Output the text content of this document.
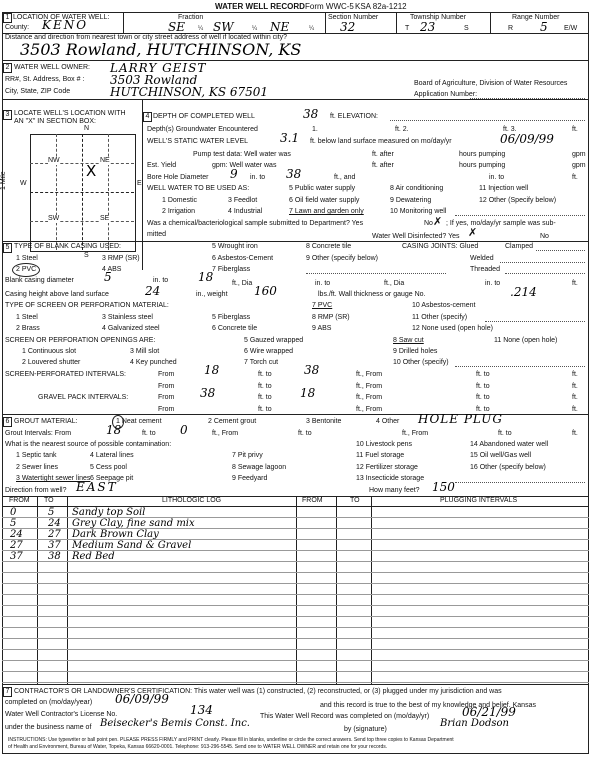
WATER WELL RECORD Form WWC-5 KSA 82a-1212
1 LOCATION OF WATER WELL:
County: KENO
Fraction
SE ¼ SW	¼ NE	¼
Section Number
32
Township Number
T 23	S
Range Number
R 5 E/W
Distance and direction from nearest town or city street address of well if located within city?
3503 Rowland, HUTCHINSON, KS
2 WATER WELL OWNER: LARRY GEIST
RR#, St. Address, Box # : 3503 Rowland
City, State, ZIP Code	HUTCHINSON, KS 67501
Board of Agriculture, Division of Water Resources
Application Number:
3 LOCATE WELL'S LOCATION WITH
AN "X" IN SECTION BOX:
N
S
W	E
1 Mile
NW	NE
SW	SE
X
4 DEPTH OF COMPLETED WELL	38 ft. ELEVATION:
Depth(s) Groundwater Encountered	1.	ft. 2.	ft. 3.	ft.
WELL'S STATIC WATER LEVEL	3.1 ft. below land surface measured on mo/day/yr	06/09/99
Pump test data: Well water was	ft. after	hours pumping	gpm
Est. Yield	gpm: Well water was	ft. after	hours pumping	gpm
Bore Hole Diameter 9 in. to 38	ft., and	in. to	ft.
WELL WATER TO BE USED AS:	5 Public water supply	8 Air conditioning	11 Injection well
1 Domestic	3 Feedlot	6 Oil field water supply	9 Dewatering	12 Other (Specify below)
2 Irrigation	4 Industrial	7 Lawn and garden only	10 Monitoring well
Was a chemical/bacteriological sample submitted to Department? Yes	No ✗ ; If yes, mo/day/yr sample was sub-
mitted	Water Well Disinfected? Yes ✗	No
5 TYPE OF BLANK CASING USED:	5 Wrought iron	8 Concrete tile	CASING JOINTS: Glued	Clamped
1 Steel	3 RMP (SR)	6 Asbestos-Cement	9 Other (specify below)	Welded
2 PVC	4 ABS	7 Fiberglass	Threaded
Blank casing diameter	5	in. to 18	ft., Dia	in. to	ft., Dia	in. to	ft.
Casing height above land surface	24	in., weight 160	lbs./ft. Wall thickness or gauge No.	.214
TYPE OF SCREEN OR PERFORATION MATERIAL:	7 PVC	10 Asbestos-cement
1 Steel	3 Stainless steel	5 Fiberglass	8 RMP (SR)	11 Other (specify)
2 Brass	4 Galvanized steel	6 Concrete tile	9 ABS	12 None used (open hole)
SCREEN OR PERFORATION OPENINGS ARE:	5 Gauzed wrapped	8 Saw cut	11 None (open hole)
1 Continuous slot	3 Mill slot	6 Wire wrapped	9 Drilled holes
2 Louvered shutter	4 Key punched	7 Torch cut	10 Other (specify)
SCREEN-PERFORATED INTERVALS:	From 18	ft. to	38	ft., From	ft. to	ft.
From	ft. to	ft., From	ft. to	ft.
GRAVEL PACK INTERVALS:	From 38	ft. to 18	ft., From	ft. to	ft.
From	ft. to	ft., From	ft. to	ft.
6 GROUT MATERIAL:	1 Neat cement	2 Cement grout	3 Bentonite	4 Other HOLE PLUG
Grout Intervals: From	18	ft. to 0	ft., From	ft. to	ft., From	ft. to	ft.
What is the nearest source of possible contamination:	10 Livestock pens	14 Abandoned water well
1 Septic tank	4 Lateral lines	7 Pit privy	11 Fuel storage	15 Oil well/Gas well
2 Sewer lines	5 Cess pool	8 Sewage lagoon	12 Fertilizer storage	16 Other (specify below)
3 Watertight sewer lines 6 Seepage pit	9 Feedyard	13 Insecticide storage
Direction from well? EAST	How many feet? 150
FROM TO	LITHOLOGIC LOG	FROM	TO	PLUGGING INTERVALS
0	5 Sandy top Soil
5	24 Grey Clay, fine sand mix
24	27 Dark Brown Clay
27	37 Medium Sand & Gravel
37	38 Red Bed
7 CONTRACTOR'S OR LANDOWNER'S CERTIFICATION: This water well was (1) constructed, (2) reconstructed, or (3) plugged under my jurisdiction and was
completed on (mo/day/year) 06/09/99	and this record is true to the best of my knowledge and belief. Kansas
Water Well Contractor's License No.	134	This Water Well Record was completed on (mo/day/yr)	06/21/99
under the business name of Beisecker's Bemis Const. Inc.
by (signature)
Brian Dodson
INSTRUCTIONS: Use typewriter or ball point pen. PLEASE PRESS FIRMLY and PRINT clearly. Please fill in blanks, underline or circle the correct answers. Send top three copies to Kansas Department
of Health and Environment, Bureau of Water, Topeka, Kansas 66620-0001. Telephone: 913-296-5545. Send one to WATER WELL OWNER and retain one for your records.
